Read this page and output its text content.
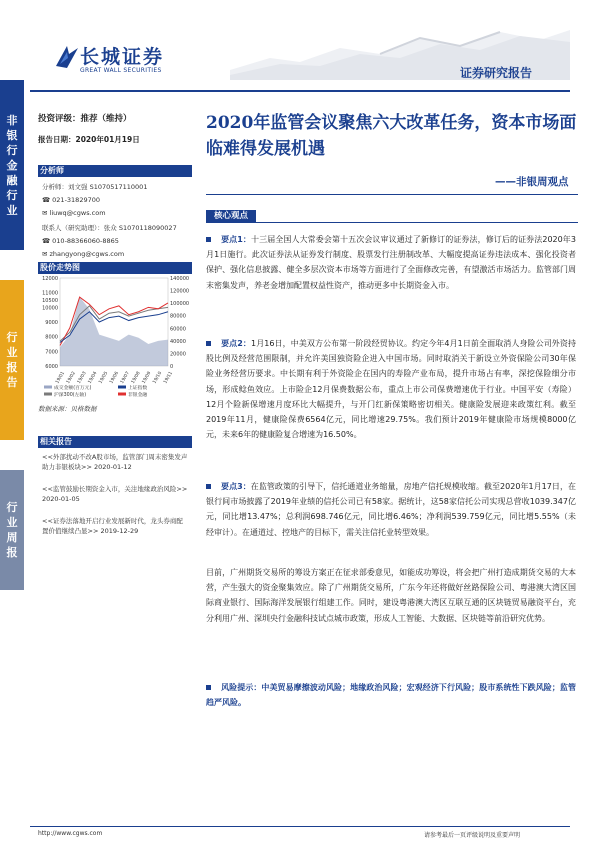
长城证券
GREAT WALL SECURITIES	证券研究报告
非银行金融行业
行业报告
行业周报
投资评级：推荐（维持）
报告日期：2020年01月19日
分析师
分析师：刘文强 S1070517110001
☎ 021-31829700
✉ liuwq@cgws.com
联系人（研究助理）：张众 S1070118090027
☎ 010-88366060-8865
✉ zhangyong@cgws.com
股价走势图
6000
7000
8000
9000
10000
10500
11000
12000
0
20000
40000
60000
80000
100000
120000
140000
19/01 19/02 19/03 19/04 19/05 19/06 19/07 19/08 19/09 19/10 19/11
成交金额(百万元)	上证指数
沪深300(左轴)	非银金融
数据来源：贝格数据
相关报告
<<外部扰动不改A股市场，监管部门周末密集发声助力非银板块>> 2020-01-12
<<监管鼓励长期资金入市，关注地缘政治风险>> 2020-01-05
<<证券法落地开启行业发展新时代，龙头券商配置价值继续凸显>> 2019-12-29
2020年监管会议聚焦六大改革任务，资本市场面临难得发展机遇
——非银周观点
核心观点
要点1：十三届全国人大常委会第十五次会议审议通过了新修订的证券法，修订后的证券法2020年3月1日施行。此次证券法从证券发行制度、股票发行注册制改革、大幅度提高证券违法成本、强化投资者保护、强化信息披露、健全多层次资本市场等方面进行了全面修改完善，有望激活市场活力。监管部门周末密集发声，养老金增加配置权益性资产，推动更多中长期资金入市。
要点2：1月16日，中美双方公布第一阶段经贸协议。约定今年4月1日前全面取消人身险公司外资持股比例及经营范围限制，并允许美国独资险企进入中国市场。同时取消关于新设立外资保险公司30年保险业务经营历要求。中长期有利于外资险企在国内的寿险产业布局，提升市场占有率，深挖保险细分市场，形成鲶鱼效应。上市险企12月保费数据公布，重点上市公司保费增速优于行业。中国平安（寿险）12月个险新保增速月度环比大幅提升，与开门红新保策略密切相关。健康险发展迎来政策红利。截至2019年11月，健康险保费6564亿元，同比增速29.75%。我们预计2019年健康险市场规模8000亿元，未来6年的健康险复合增速为16.50%。
要点3：在监管政策的引导下，信托通道业务缩量，房地产信托规模收缩。截至2020年1月17日，在银行间市场披露了2019年业绩的信托公司已有58家。据统计，这58家信托公司实现总营收1039.347亿元，同比增13.47%；总利润698.746亿元，同比增6.46%；净利润539.759亿元，同比增5.55%（未经审计）。在通道过、控地产的目标下，需关注信托业转型效果。
目前，广州期货交易所的筹设方案正在征求部委意见，如能成功筹设，将会把广州打造成期货交易的大本营，产生强大的资金聚集效应。除了广州期货交易所，广东今年还将做好丝路保险公司、粤港澳大湾区国际商业银行、国际海洋发展银行组建工作。同时，建设粤港澳大湾区互联互通的区块链贸易融资平台，充分利用广州、深圳央行金融科技试点城市政策，形成人工智能、大数据、区块链等前沿研究优势。
风险提示：中美贸易摩擦波动风险；地缘政治风险；宏观经济下行风险；股市系统性下跌风险；监管趋严风险。
http://www.cgws.com	请参考最后一页评级说明及重要声明
